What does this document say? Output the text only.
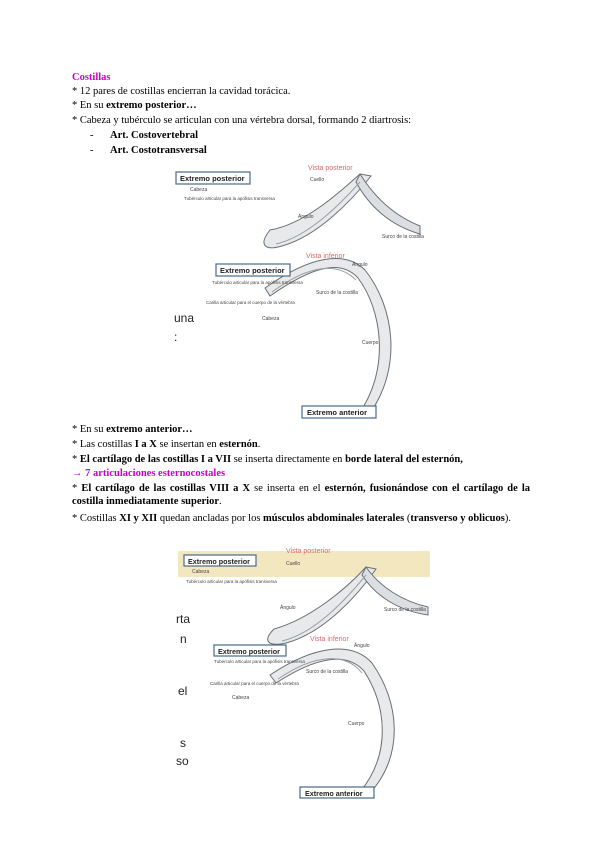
Costillas
* 12 pares de costillas encierran la cavidad torácica.
* En su extremo posterior…
* Cabeza y tubérculo se articulan con una vértebra dorsal, formando 2 diartrosis:
- Art. Costovertebral
- Art. Costotransversal
Extremo posterior
Vista posterior
Cuello
Cabeza
Tubérculo articular para la apófisis transversa
Ángulo
Surco de la costilla
Extremo posterior
Vista inferior
Ángulo
Tubérculo articular para la apófisis transversa
Surco de la costilla
Carilla articular para el cuerpo de la vértebra
Cabeza
Cuerpo
Extremo anterior
una
:
* En su extremo anterior…
* Las costillas I a X se insertan en esternón.
* El cartílago de las costillas I a VII se inserta directamente en borde lateral del esternón,
→ 7 articulaciones esternocostales
* El cartílago de las costillas VIII a X se inserta en el esternón, fusionándose con el cartílago de la costilla inmediatamente superior.
* Costillas XI y XII quedan ancladas por los músculos abdominales laterales (transverso y oblicuos).
Extremo posterior
Vista posterior
Cuello
Cabeza
Tubérculo articular para la apófisis transversa
Ángulo	Surco de la costilla
Extremo posterior
Vista inferior
Ángulo
Tubérculo articular para la apófisis transversa
Surco de la costilla
Carilla articular para el cuerpo de la vértebra
Cabeza
Cuerpo
Extremo anterior
rta
n
el
s
so
